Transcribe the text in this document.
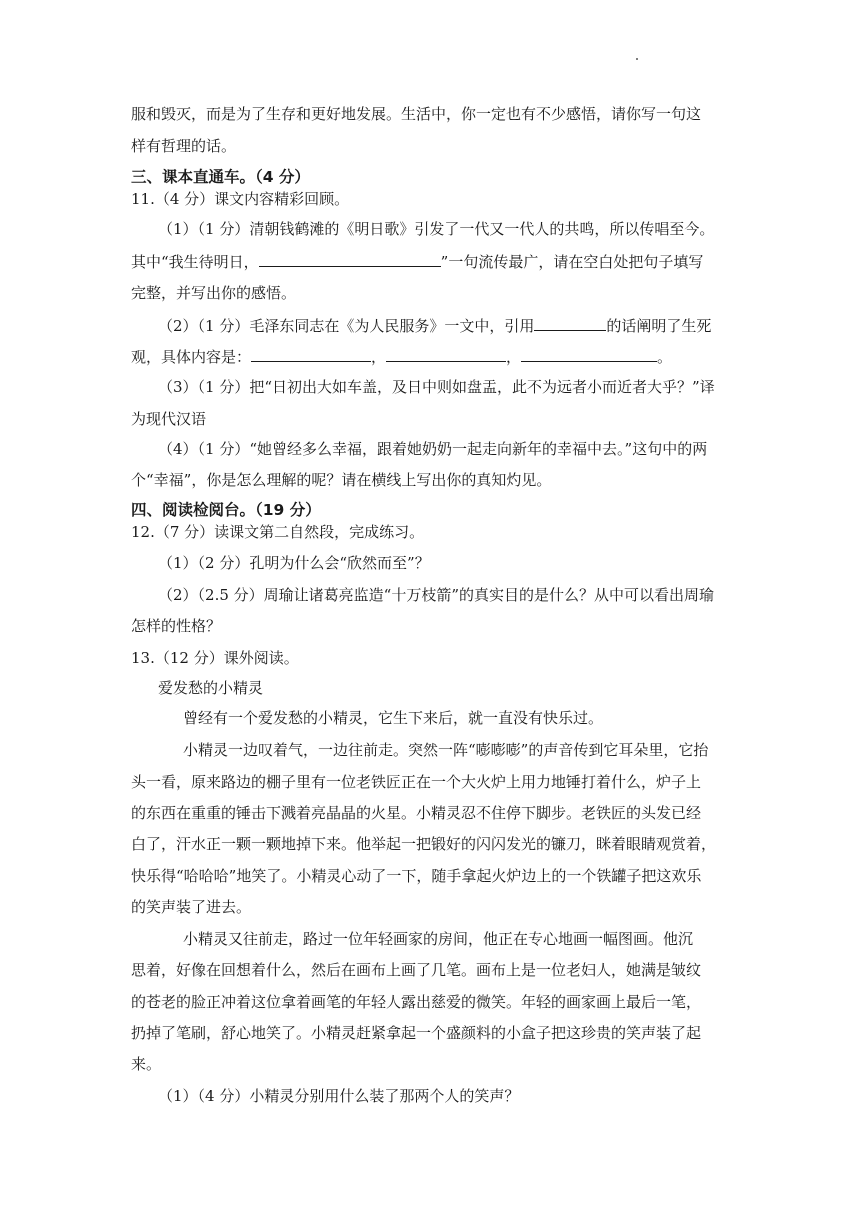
服和毁灭，而是为了生存和更好地发展。生活中，你一定也有不少感悟，请你写一句这
样有哲理的话。
三、课本直通车。（4 分）
11.（4 分）课文内容精彩回顾。
（1）（1 分）清朝钱鹤滩的《明日歌》引发了一代又一代人的共鸣，所以传唱至今。
其中“我生待明日，	”一句流传最广，请在空白处把句子填写
完整，并写出你的感悟。
（2）（1 分）毛泽东同志在《为人民服务》一文中，引用	的话阐明了生死
观，具体内容是：	，	，	。
（3）（1 分）把“日初出大如车盖，及日中则如盘盂，此不为远者小而近者大乎？”译
为现代汉语
（4）（1 分）“她曾经多么幸福，跟着她奶奶一起走向新年的幸福中去。”这句中的两
个“幸福”，你是怎么理解的呢？请在横线上写出你的真知灼见。
四、阅读检阅台。（19 分）
12.（7 分）读课文第二自然段，完成练习。
（1）（2 分）孔明为什么会“欣然而至”？
（2）（2.5 分）周瑜让诸葛亮监造“十万枝箭”的真实目的是什么？从中可以看出周瑜
怎样的性格？
13.（12 分）课外阅读。
爱发愁的小精灵
曾经有一个爱发愁的小精灵，它生下来后，就一直没有快乐过。
小精灵一边叹着气，一边往前走。突然一阵“嘭嘭嘭”的声音传到它耳朵里，它抬
头一看，原来路边的棚子里有一位老铁匠正在一个大火炉上用力地锤打着什么，炉子上
的东西在重重的锤击下溅着亮晶晶的火星。小精灵忍不住停下脚步。老铁匠的头发已经
白了，汗水正一颗一颗地掉下来。他举起一把锻好的闪闪发光的镰刀，眯着眼睛观赏着，
快乐得“哈哈哈”地笑了。小精灵心动了一下，随手拿起火炉边上的一个铁罐子把这欢乐
的笑声装了进去。
小精灵又往前走，路过一位年轻画家的房间，他正在专心地画一幅图画。他沉
思着，好像在回想着什么，然后在画布上画了几笔。画布上是一位老妇人，她满是皱纹
的苍老的脸正冲着这位拿着画笔的年轻人露出慈爱的微笑。年轻的画家画上最后一笔，
扔掉了笔刷，舒心地笑了。小精灵赶紧拿起一个盛颜料的小盒子把这珍贵的笑声装了起
来。
（1）（4 分）小精灵分别用什么装了那两个人的笑声？
